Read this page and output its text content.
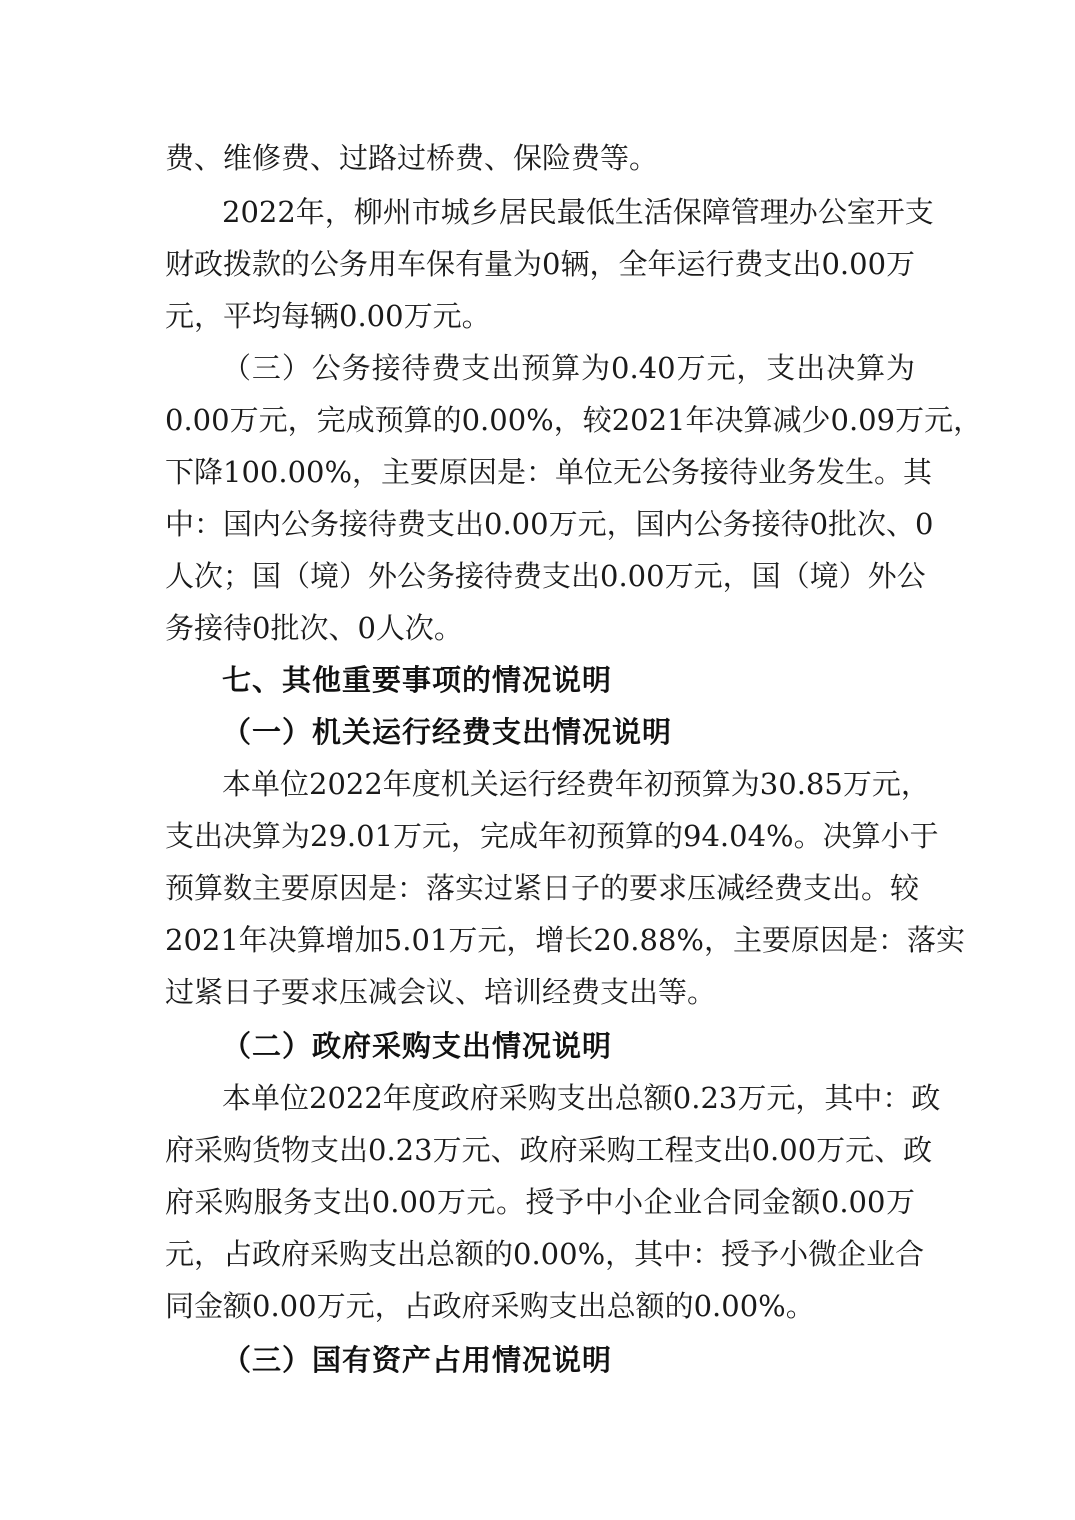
费、维修费、过路过桥费、保险费等。
2022年，柳州市城乡居民最低生活保障管理办公室开支
财政拨款的公务用车保有量为0辆，全年运行费支出0.00万
元，平均每辆0.00万元。
（三）公务接待费支出预算为0.40万元，支出决算为
0.00万元，完成预算的0.00%，较2021年决算减少0.09万元，
下降100.00%，主要原因是：单位无公务接待业务发生。其
中：国内公务接待费支出0.00万元，国内公务接待0批次、0
人次；国（境）外公务接待费支出0.00万元，国（境）外公
务接待0批次、0人次。
七、其他重要事项的情况说明
（一）机关运行经费支出情况说明
本单位2022年度机关运行经费年初预算为30.85万元，
支出决算为29.01万元，完成年初预算的94.04%。决算小于
预算数主要原因是：落实过紧日子的要求压减经费支出。较
2021年决算增加5.01万元，增长20.88%，主要原因是：落实
过紧日子要求压减会议、培训经费支出等。
（二）政府采购支出情况说明
本单位2022年度政府采购支出总额0.23万元，其中：政
府采购货物支出0.23万元、政府采购工程支出0.00万元、政
府采购服务支出0.00万元。授予中小企业合同金额0.00万
元，占政府采购支出总额的0.00%，其中：授予小微企业合
同金额0.00万元，占政府采购支出总额的0.00%。
（三）国有资产占用情况说明
